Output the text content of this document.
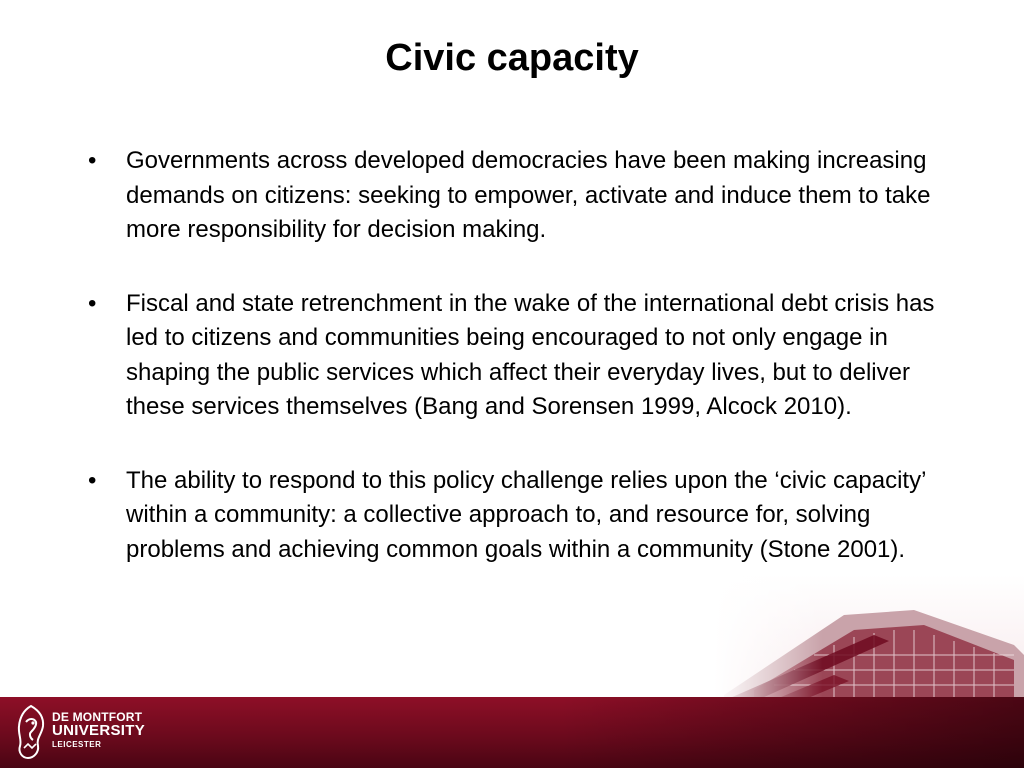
Civic capacity
•	Governments across developed democracies have been making increasing demands on citizens: seeking to empower, activate and induce them to take more responsibility for decision making.
•	Fiscal and state retrenchment in the wake of the international debt crisis has led to citizens and communities being encouraged to not only engage in shaping the public services which affect their everyday lives, but to deliver these services themselves (Bang and Sorensen 1999, Alcock 2010).
•	The ability to respond to this policy challenge relies upon the ‘civic capacity’ within a community: a collective approach to, and resource for, solving problems and achieving common goals within a community (Stone 2001).
DE MONTFORT
UNIVERSITY
LEICESTER
